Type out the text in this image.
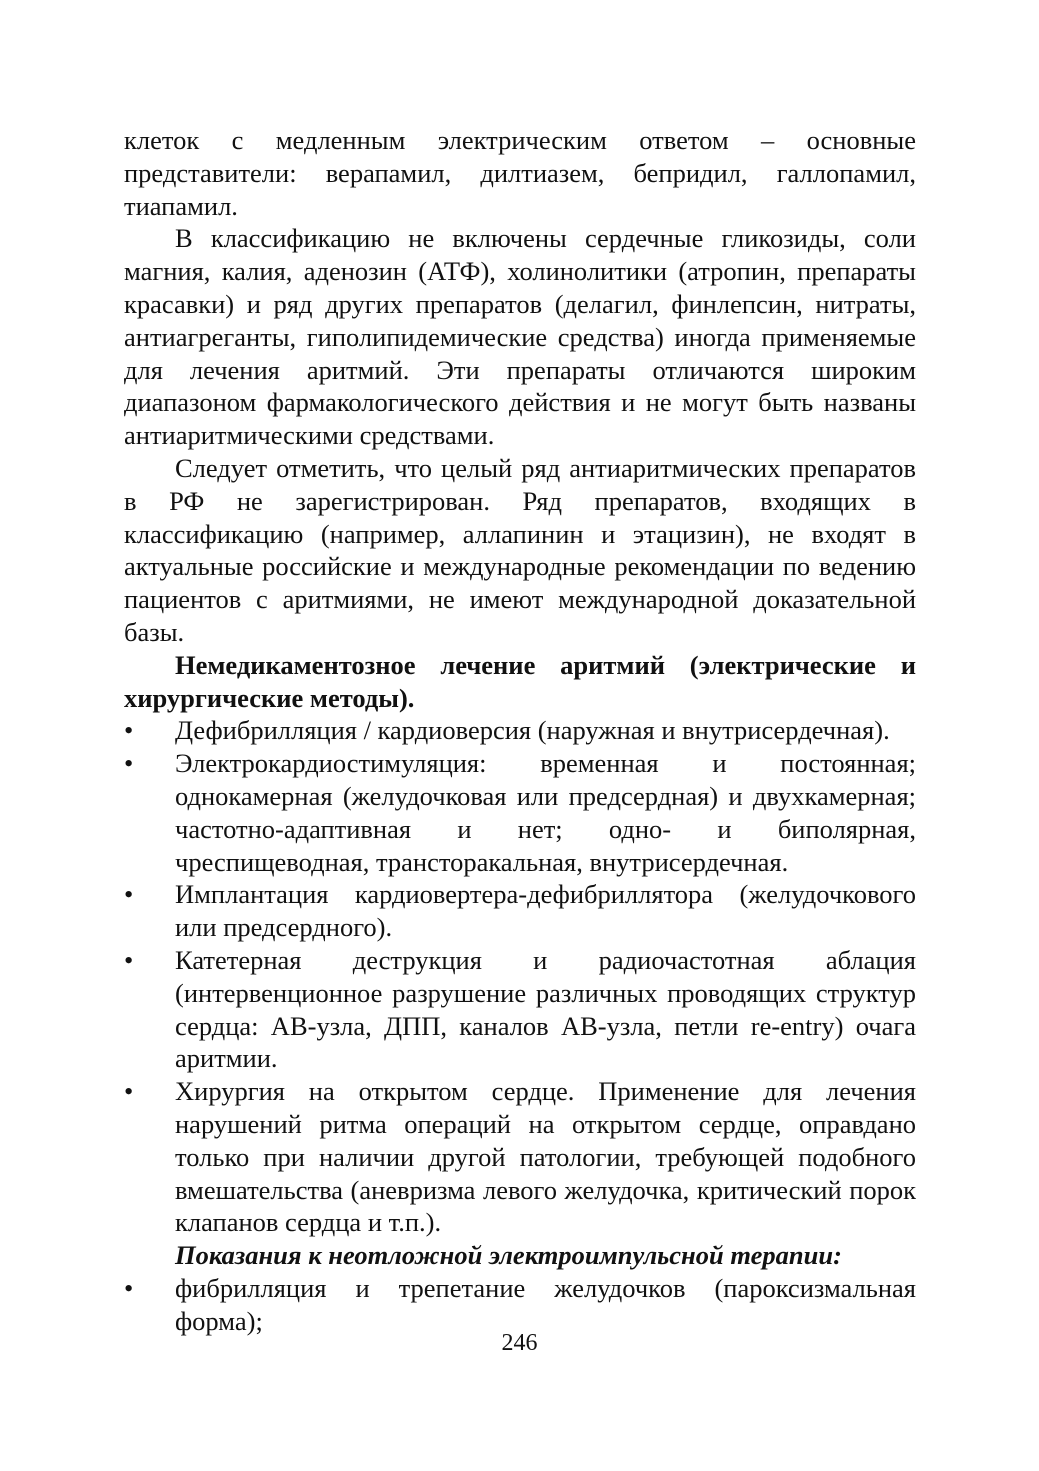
клеток с медленным электрическим ответом – основные представители: верапамил, дилтиазем, бепридил, галлопамил, тиапамил.

В классификацию не включены сердечные гликозиды, соли магния, калия, аденозин (АТФ), холинолитики (атропин, препараты красавки) и ряд других препаратов (делагил, финлепсин, нитраты, антиагреганты, гиполипидемические средства) иногда применяемые для лечения аритмий. Эти препараты отличаются широким диапазоном фармакологического действия и не могут быть названы антиаритмическими средствами.

Следует отметить, что целый ряд антиаритмических препаратов в РФ не зарегистрирован. Ряд препаратов, входящих в классификацию (например, аллапинин и этацизин), не входят в актуальные российские и международные рекомендации по ведению пациентов с аритмиями, не имеют международной доказательной базы.

Немедикаментозное лечение аритмий (электрические и хирургические методы).

• Дефибрилляция / кардиоверсия (наружная и внутрисердечная).
• Электрокардиостимуляция: временная и постоянная; однокамерная (желудочковая или предсердная) и двухкамерная; частотно-адаптивная и нет; одно- и биполярная, чреспищеводная, трансторакальная, внутрисердечная.
• Имплантация кардиовертера-дефибриллятора (желудочкового или предсердного).
• Катетерная деструкция и радиочастотная аблация (интервенционное разрушение различных проводящих структур сердца: АВ-узла, ДПП, каналов АВ-узла, петли re-entry) очага аритмии.
• Хирургия на открытом сердце. Применение для лечения нарушений ритма операций на открытом сердце, оправдано только при наличии другой патологии, требующей подобного вмешательства (аневризма левого желудочка, критический порок клапанов сердца и т.п.).

Показания к неотложной электроимпульсной терапии:

• фибрилляция и трепетание желудочков (пароксизмальная форма);
246
